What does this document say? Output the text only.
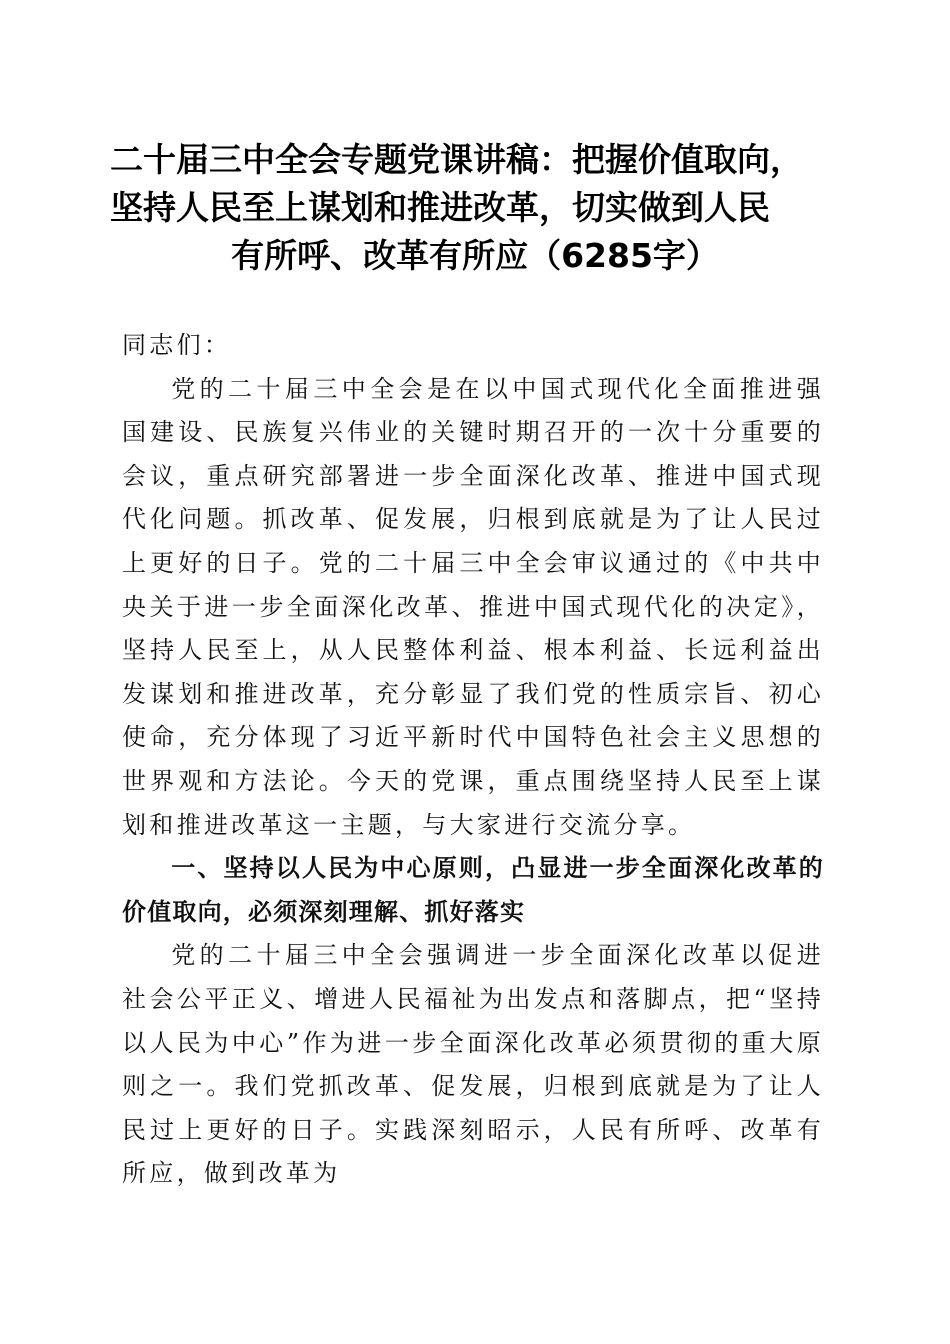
二十届三中全会专题党课讲稿：把握价值取向，
坚持人民至上谋划和推进改革，切实做到人民
有所呼、改革有所应（6285字）

同志们：

党的二十届三中全会是在以中国式现代化全面推进强国建设、民族复兴伟业的关键时期召开的一次十分重要的会议，重点研究部署进一步全面深化改革、推进中国式现代化问题。抓改革、促发展，归根到底就是为了让人民过上更好的日子。党的二十届三中全会审议通过的《中共中央关于进一步全面深化改革、推进中国式现代化的决定》，坚持人民至上，从人民整体利益、根本利益、长远利益出发谋划和推进改革，充分彰显了我们党的性质宗旨、初心使命，充分体现了习近平新时代中国特色社会主义思想的世界观和方法论。今天的党课，重点围绕坚持人民至上谋划和推进改革这一主题，与大家进行交流分享。

一、坚持以人民为中心原则，凸显进一步全面深化改革的价值取向，必须深刻理解、抓好落实

党的二十届三中全会强调进一步全面深化改革以促进社会公平正义、增进人民福祉为出发点和落脚点，把“坚持以人民为中心”作为进一步全面深化改革必须贯彻的重大原则之一。我们党抓改革、促发展，归根到底就是为了让人民过上更好的日子。实践深刻昭示，人民有所呼、改革有所应，做到改革为
